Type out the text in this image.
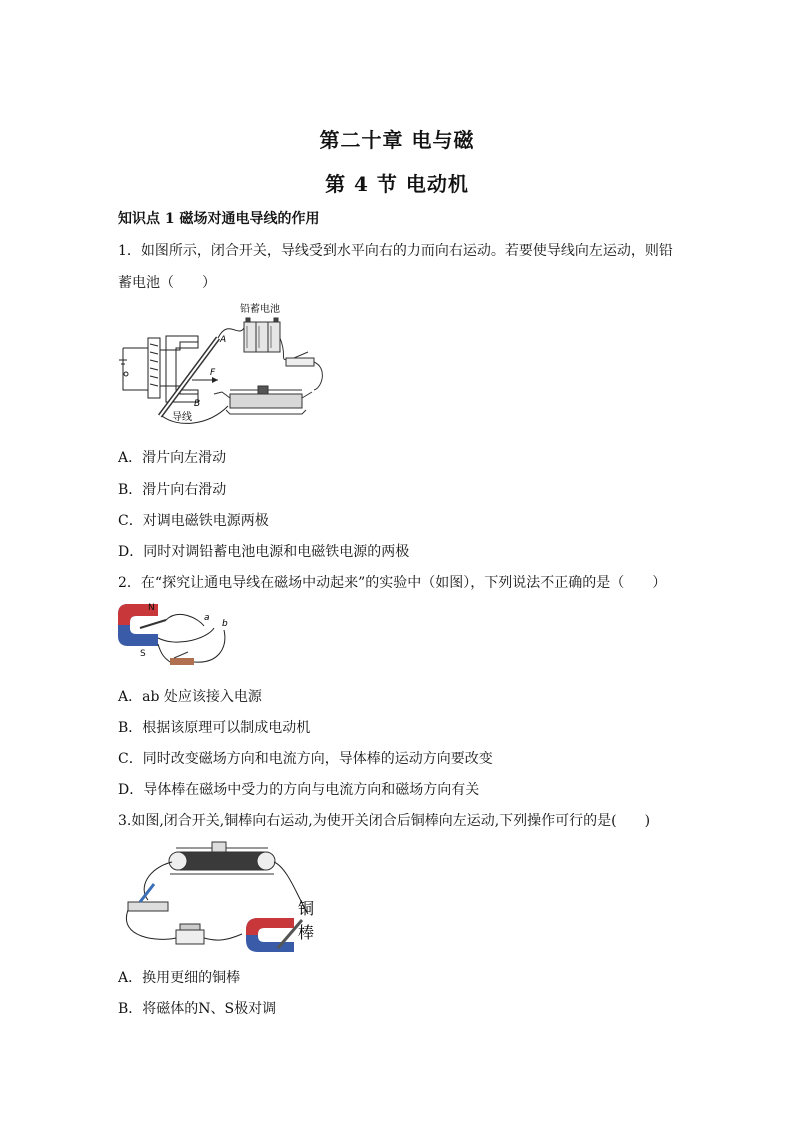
第二十章 电与磁
第 4 节 电动机
知识点 1 磁场对通电导线的作用
1．如图所示，闭合开关，导线受到水平向右的力而向右运动。若要使导线向左运动，则铅
蓄电池（　　）
A
B
F
导线
铅蓄电池
A．滑片向左滑动
B．滑片向右滑动
C．对调电磁铁电源两极
D．同时对调铅蓄电池电源和电磁铁电源的两极
2．在“探究让通电导线在磁场中动起来”的实验中（如图），下列说法不正确的是（　　）
N
S
a
b
A．ab 处应该接入电源
B．根据该原理可以制成电动机
C．同时改变磁场方向和电流方向，导体棒的运动方向要改变
D．导体棒在磁场中受力的方向与电流方向和磁场方向有关
3.如图,闭合开关,铜棒向右运动,为使开关闭合后铜棒向左运动,下列操作可行的是(　　)
铜
棒
A．换用更细的铜棒
B．将磁体的N、S极对调
